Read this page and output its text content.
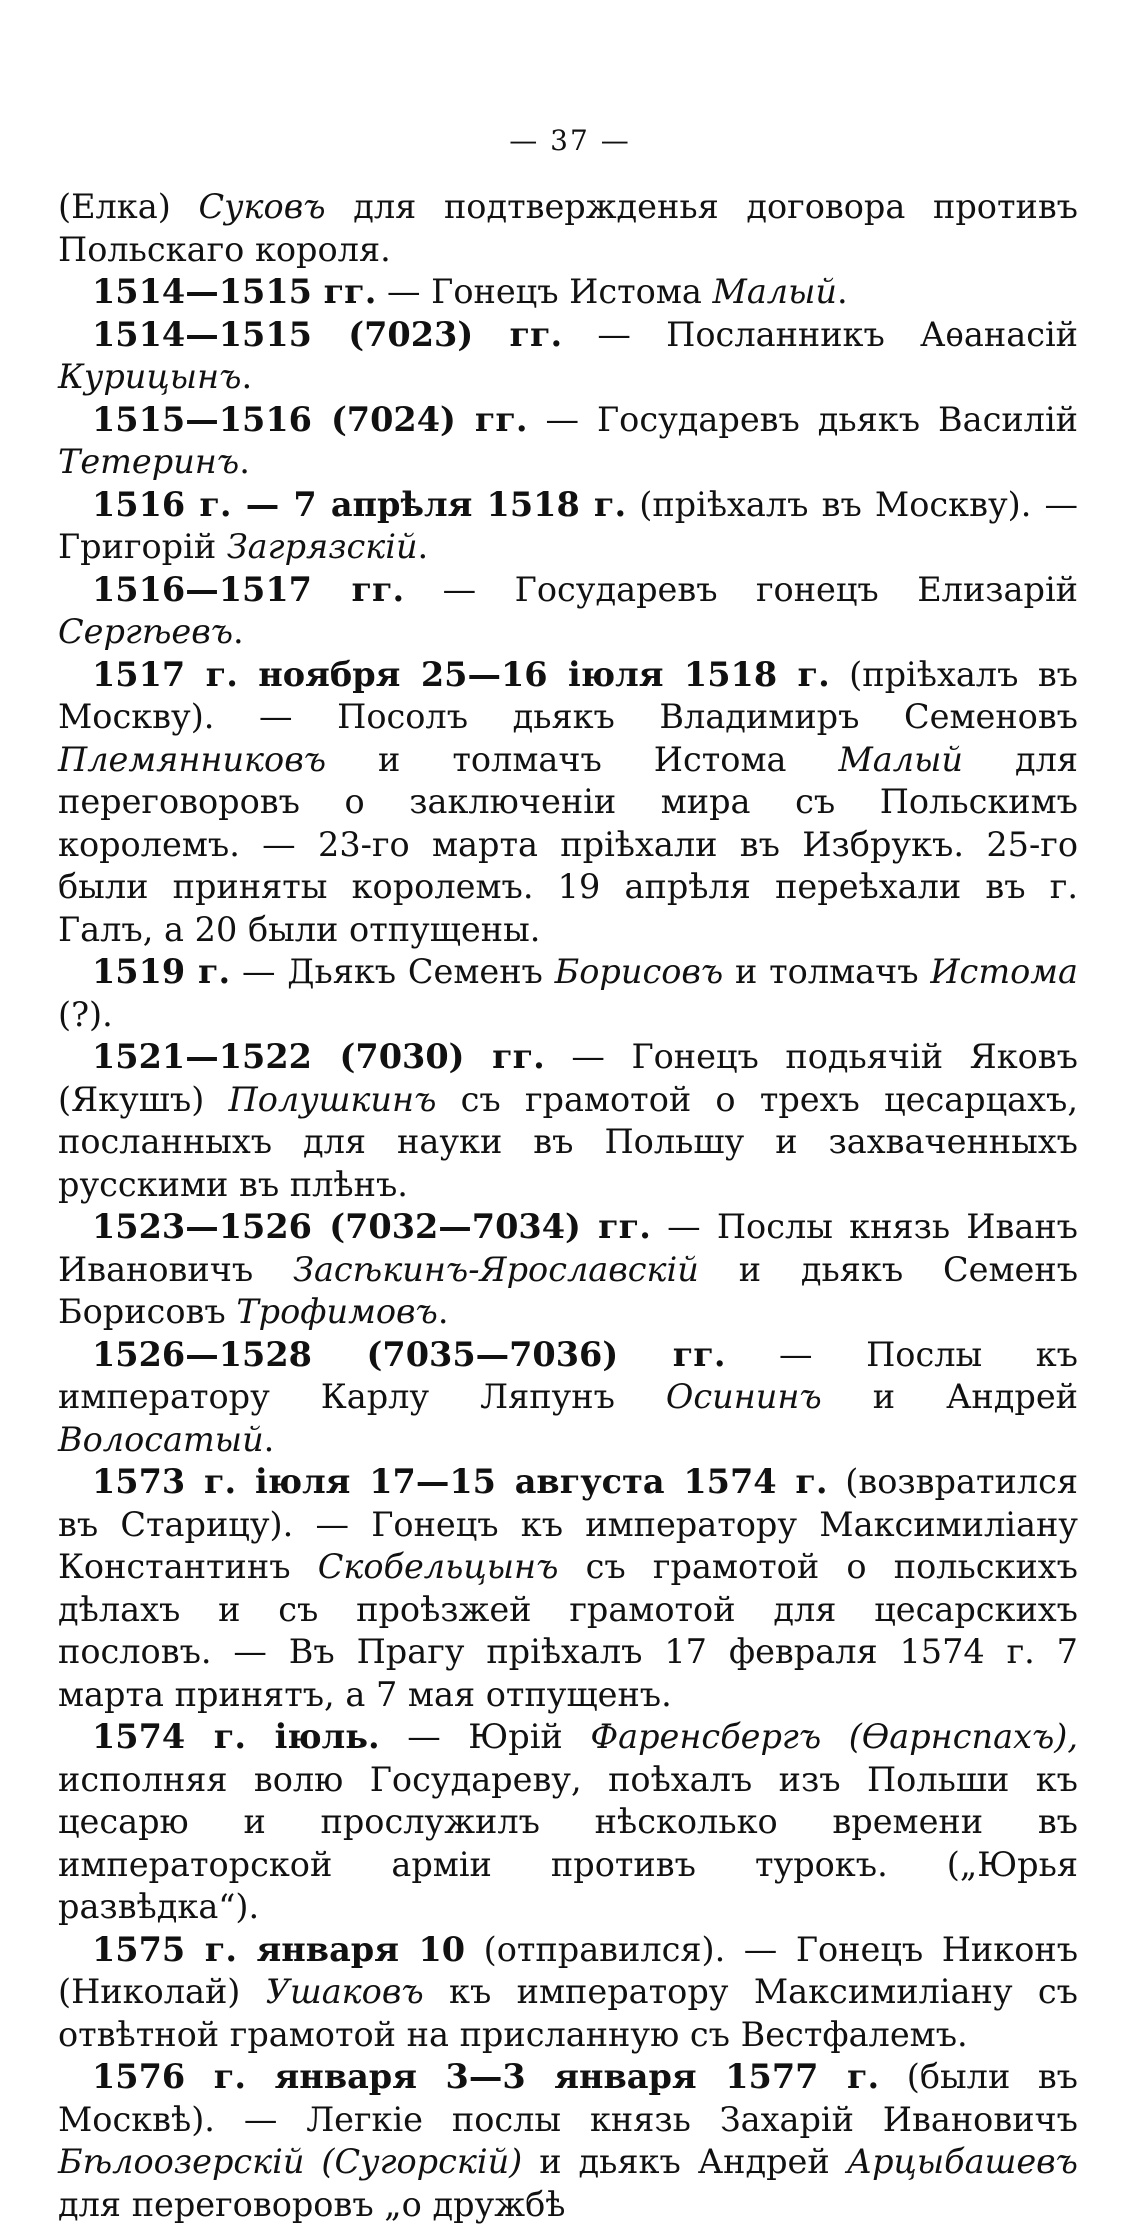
— 37 —

(Елка) Суковъ для подтвержденья договора противъ Польскаго короля.

1514—1515 гг. — Гонецъ Истома Малый.

1514—1515 (7023) гг. — Посланникъ Аѳанасій Курицынъ.

1515—1516 (7024) гг. — Государевъ дьякъ Василій Тетеринъ.

1516 г. — 7 апрѣля 1518 г. (пріѣхалъ въ Москву). — Григорій Загрязскій.

1516—1517 гг. — Государевъ гонецъ Елизарій Сергѣевъ.

1517 г. ноября 25—16 іюля 1518 г. (пріѣхалъ въ Москву). — Посолъ дьякъ Владимиръ Семеновъ Племянниковъ и толмачъ Истома Малый для переговоровъ о заключеніи мира съ Польскимъ королемъ. — 23-го марта пріѣхали въ Избрукъ. 25-го были приняты королемъ. 19 апрѣля переѣхали въ г. Галъ, а 20 были отпущены.

1519 г. — Дьякъ Семенъ Борисовъ и толмачъ Истома (?).

1521—1522 (7030) гг. — Гонецъ подьячій Яковъ (Якушъ) Полушкинъ съ грамотой о трехъ цесарцахъ, посланныхъ для науки въ Польшу и захваченныхъ русскими въ плѣнъ.

1523—1526 (7032—7034) гг. — Послы князь Иванъ Ивановичъ Засѣкинъ-Ярославскій и дьякъ Семенъ Борисовъ Трофимовъ.

1526—1528 (7035—7036) гг. — Послы къ императору Карлу Ляпунъ Осининъ и Андрей Волосатый.

1573 г. іюля 17—15 августа 1574 г. (возвратился въ Старицу). — Гонецъ къ императору Максимиліану Константинъ Скобельцынъ съ грамотой о польскихъ дѣлахъ и съ проѣзжей грамотой для цесарскихъ пословъ. — Въ Прагу пріѣхалъ 17 февраля 1574 г. 7 марта принятъ, а 7 мая отпущенъ.

1574 г. іюль. — Юрій Фаренсбергъ (Ѳарнспахъ), исполняя волю Государеву, поѣхалъ изъ Польши къ цесарю и прослужилъ нѣсколько времени въ императорской арміи противъ турокъ. („Юрья развѣдка“).

1575 г. января 10 (отправился). — Гонецъ Никонъ (Николай) Ушаковъ къ императору Максимиліану съ отвѣтной грамотой на присланную съ Вестфалемъ.

1576 г. января 3—3 января 1577 г. (были въ Москвѣ). — Легкіе послы князь Захарій Ивановичъ Бѣлоозерскій (Сугорскій) и дьякъ Андрей Арцыбашевъ для переговоровъ „о дружбѣ
